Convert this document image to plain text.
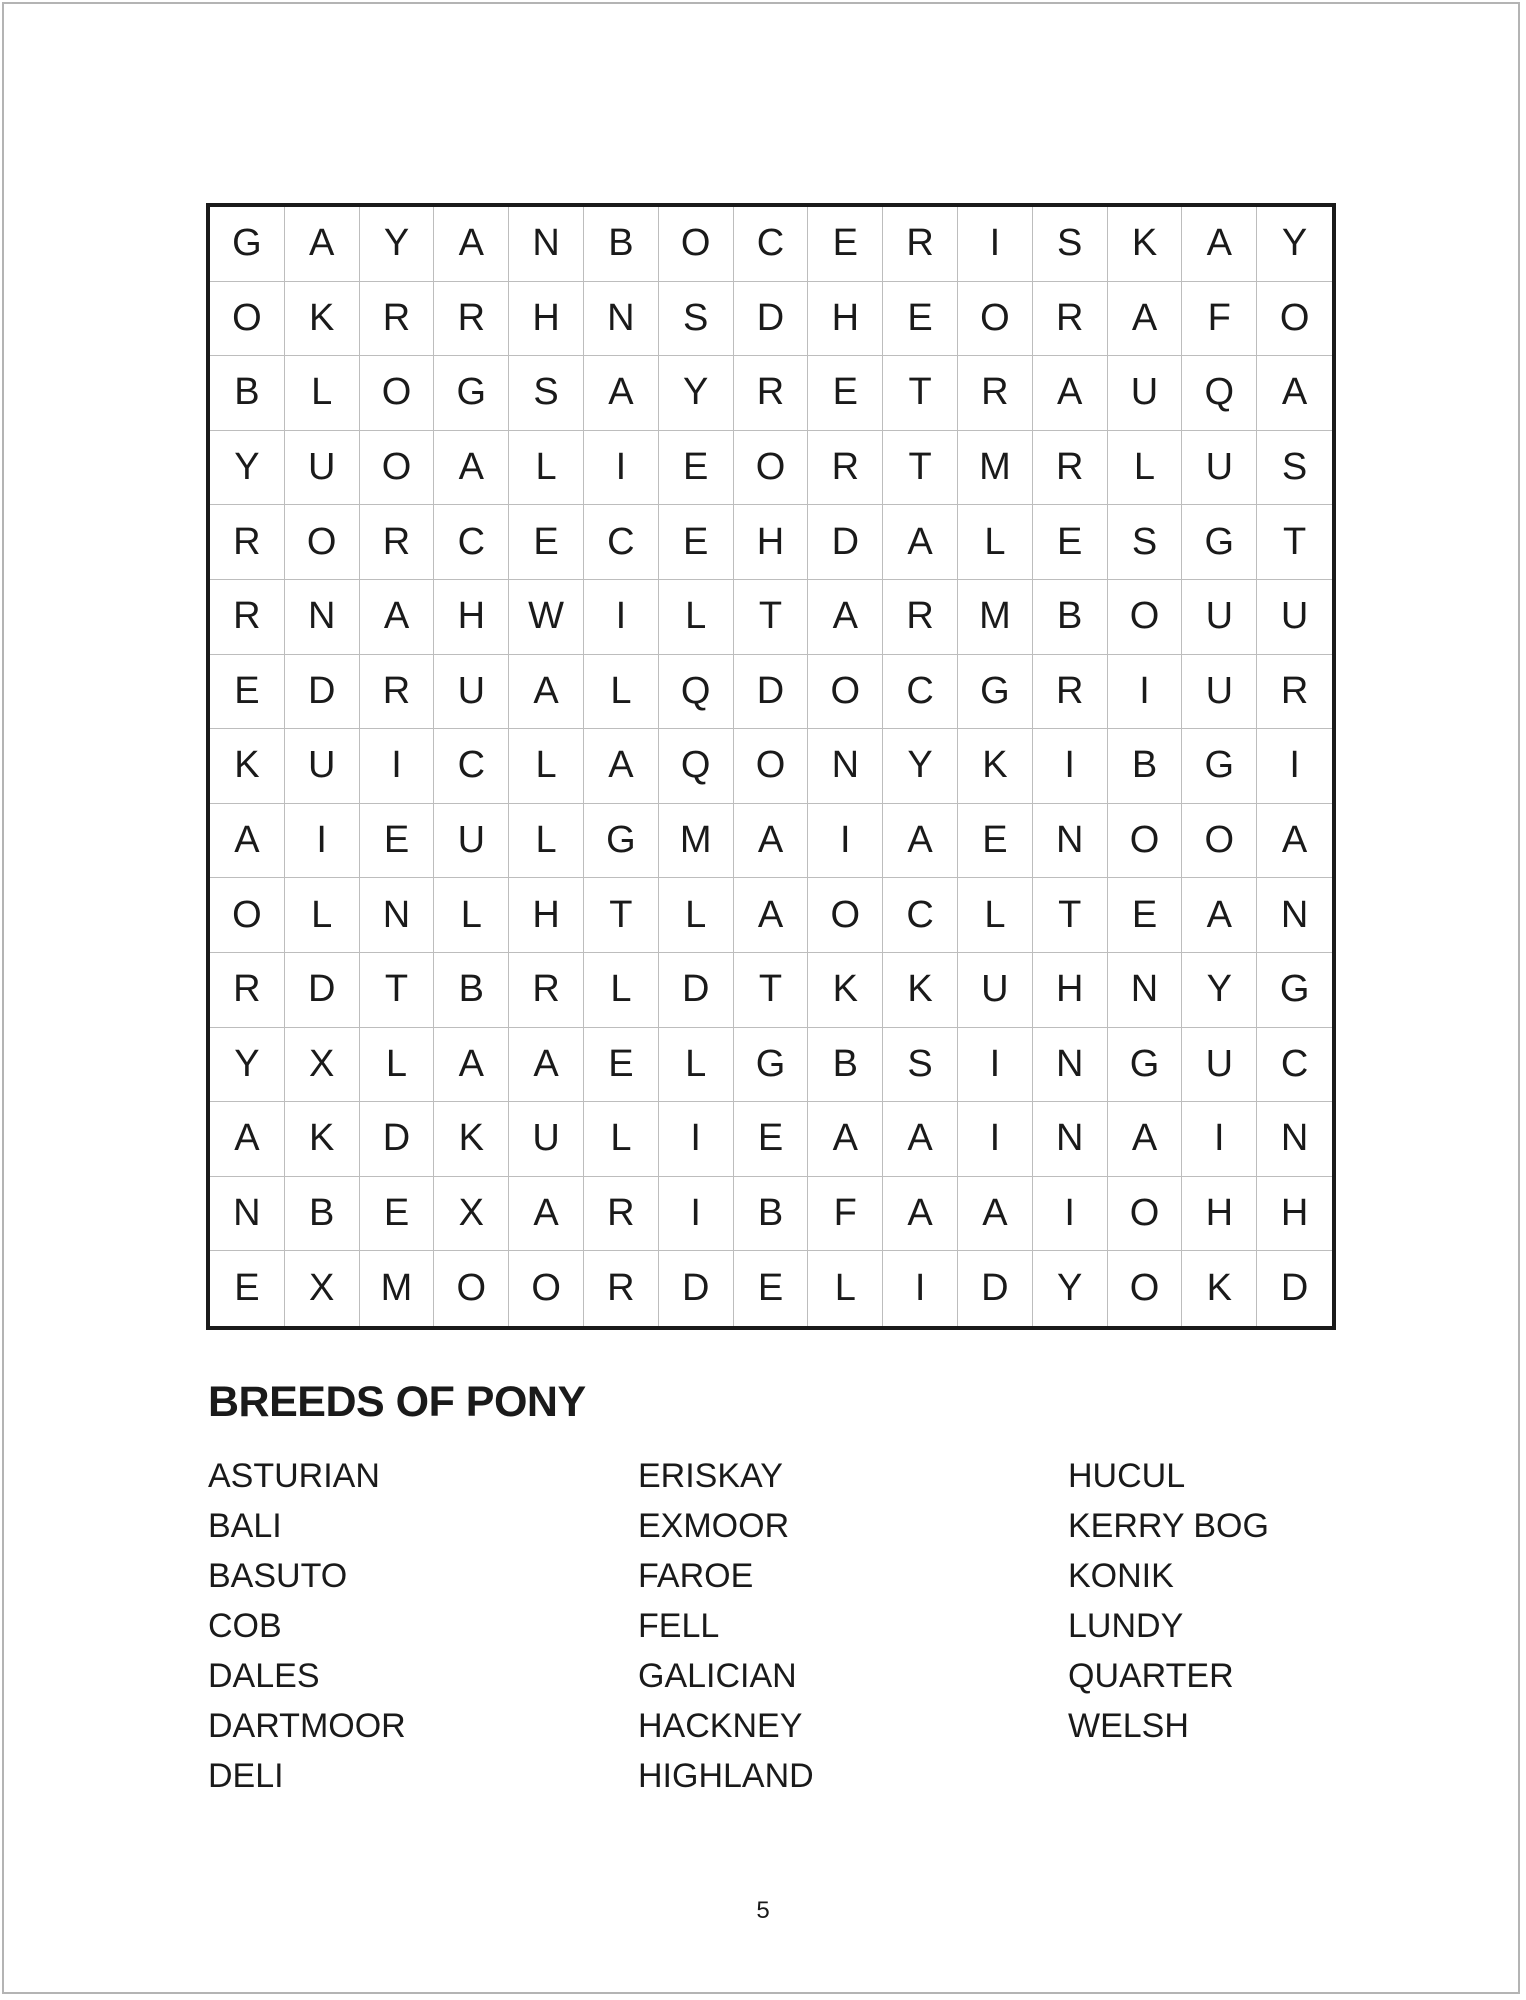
G	A	Y	A	N	B	O	C	E	R	I	S	K	A	Y
O	K	R	R	H	N	S	D	H	E	O	R	A	F	O
B	L	O	G	S	A	Y	R	E	T	R	A	U	Q	A
Y	U	O	A	L	I	E	O	R	T	M	R	L	U	S
R	O	R	C	E	C	E	H	D	A	L	E	S	G	T
R	N	A	H	W	I	L	T	A	R	M	B	O	U	U
E	D	R	U	A	L	Q	D	O	C	G	R	I	U	R
K	U	I	C	L	A	Q	O	N	Y	K	I	B	G	I
A	I	E	U	L	G	M	A	I	A	E	N	O	O	A
O	L	N	L	H	T	L	A	O	C	L	T	E	A	N
R	D	T	B	R	L	D	T	K	K	U	H	N	Y	G
Y	X	L	A	A	E	L	G	B	S	I	N	G	U	C
A	K	D	K	U	L	I	E	A	A	I	N	A	I	N
N	B	E	X	A	R	I	B	F	A	A	I	O	H	H
E	X	M	O	O	R	D	E	L	I	D	Y	O	K	D
BREEDS OF PONY
ASTURIAN
BALI
BASUTO
COB
DALES
DARTMOOR
DELI
ERISKAY
EXMOOR
FAROE
FELL
GALICIAN
HACKNEY
HIGHLAND
HUCUL
KERRY BOG
KONIK
LUNDY
QUARTER
WELSH
5
